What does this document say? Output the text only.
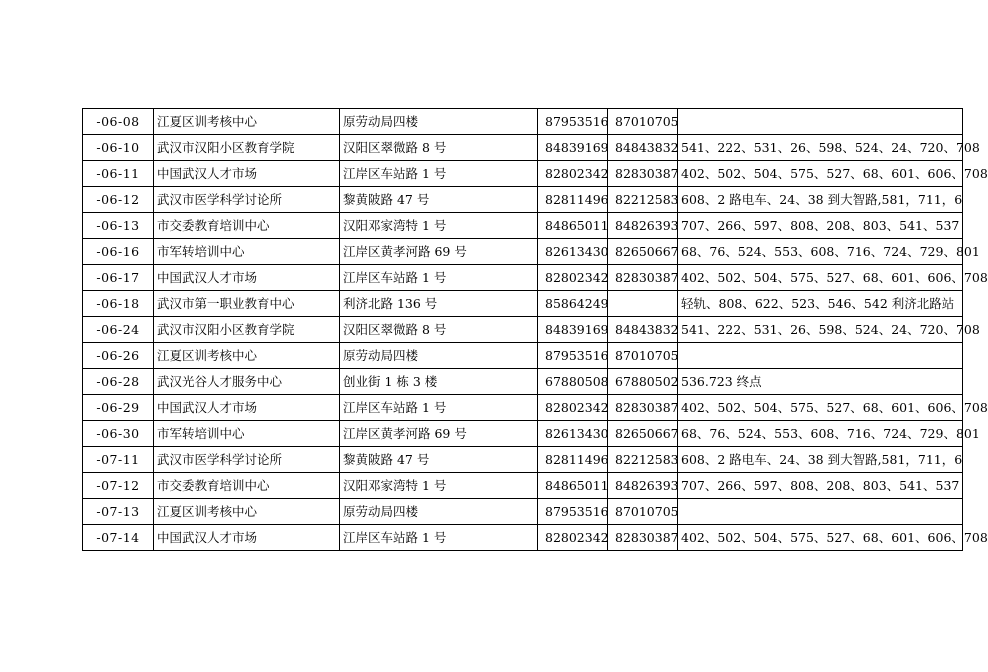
-06-08	江夏区训考核中心	原劳动局四楼	87953516	87010705	
-06-10	武汉市汉阳小区教育学院	汉阳区翠微路 8 号	84839169	84843832	541、222、531、26、598、524、24、720、708
-06-11	中国武汉人才市场	江岸区车站路 1 号	82802342	82830387	402、502、504、575、527、68、601、606、708
-06-12	武汉市医学科学讨论所	黎黄陂路 47 号	82811496	82212583	608、2 路电车、24、38 到大智路,581，711，6
-06-13	市交委教育培训中心	汉阳邓家湾特 1 号	84865011	84826393	707、266、597、808、208、803、541、537
-06-16	市军转培训中心	江岸区黄孝河路 69 号	82613430	82650667	68、76、524、553、608、716、724、729、801
-06-17	中国武汉人才市场	江岸区车站路 1 号	82802342	82830387	402、502、504、575、527、68、601、606、708
-06-18	武汉市第一职业教育中心	利济北路 136 号	85864249		轻轨、808、622、523、546、542 利济北路站
-06-24	武汉市汉阳小区教育学院	汉阳区翠微路 8 号	84839169	84843832	541、222、531、26、598、524、24、720、708
-06-26	江夏区训考核中心	原劳动局四楼	87953516	87010705	
-06-28	武汉光谷人才服务中心	创业街 1 栋 3 楼	67880508	67880502	536.723 终点
-06-29	中国武汉人才市场	江岸区车站路 1 号	82802342	82830387	402、502、504、575、527、68、601、606、708
-06-30	市军转培训中心	江岸区黄孝河路 69 号	82613430	82650667	68、76、524、553、608、716、724、729、801
-07-11	武汉市医学科学讨论所	黎黄陂路 47 号	82811496	82212583	608、2 路电车、24、38 到大智路,581，711，6
-07-12	市交委教育培训中心	汉阳邓家湾特 1 号	84865011	84826393	707、266、597、808、208、803、541、537
-07-13	江夏区训考核中心	原劳动局四楼	87953516	87010705	
-07-14	中国武汉人才市场	江岸区车站路 1 号	82802342	82830387	402、502、504、575、527、68、601、606、708
